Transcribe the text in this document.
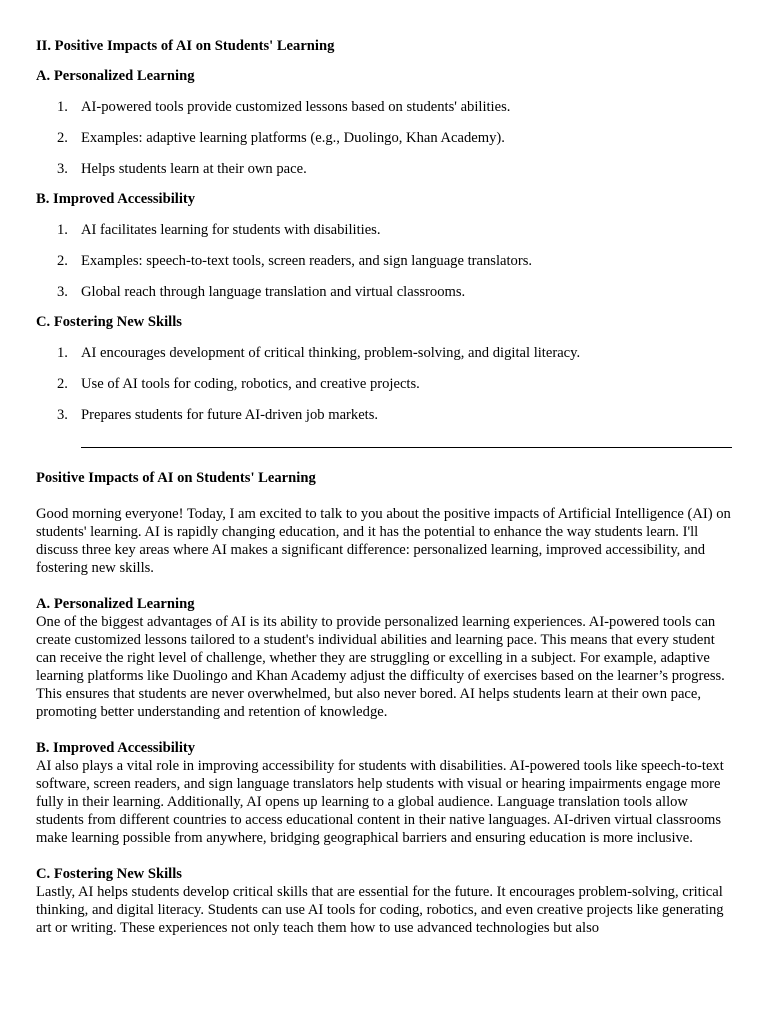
II. Positive Impacts of AI on Students' Learning
A. Personalized Learning
1. AI-powered tools provide customized lessons based on students' abilities.
2. Examples: adaptive learning platforms (e.g., Duolingo, Khan Academy).
3. Helps students learn at their own pace.
B. Improved Accessibility
1. AI facilitates learning for students with disabilities.
2. Examples: speech-to-text tools, screen readers, and sign language translators.
3. Global reach through language translation and virtual classrooms.
C. Fostering New Skills
1. AI encourages development of critical thinking, problem-solving, and digital literacy.
2. Use of AI tools for coding, robotics, and creative projects.
3. Prepares students for future AI-driven job markets.
Positive Impacts of AI on Students' Learning

Good morning everyone! Today, I am excited to talk to you about the positive impacts of Artificial Intelligence (AI) on students' learning. AI is rapidly changing education, and it has the potential to enhance the way students learn. I'll discuss three key areas where AI makes a significant difference: personalized learning, improved accessibility, and fostering new skills.

A. Personalized Learning

One of the biggest advantages of AI is its ability to provide personalized learning experiences. AI-powered tools can create customized lessons tailored to a student's individual abilities and learning pace. This means that every student can receive the right level of challenge, whether they are struggling or excelling in a subject. For example, adaptive learning platforms like Duolingo and Khan Academy adjust the difficulty of exercises based on the learner’s progress. This ensures that students are never overwhelmed, but also never bored. AI helps students learn at their own pace, promoting better understanding and retention of knowledge.

B. Improved Accessibility

AI also plays a vital role in improving accessibility for students with disabilities. AI-powered tools like speech-to-text software, screen readers, and sign language translators help students with visual or hearing impairments engage more fully in their learning. Additionally, AI opens up learning to a global audience. Language translation tools allow students from different countries to access educational content in their native languages. AI-driven virtual classrooms make learning possible from anywhere, bridging geographical barriers and ensuring education is more inclusive.

C. Fostering New Skills

Lastly, AI helps students develop critical skills that are essential for the future. It encourages problem-solving, critical thinking, and digital literacy. Students can use AI tools for coding, robotics, and even creative projects like generating art or writing. These experiences not only teach them how to use advanced technologies but also
